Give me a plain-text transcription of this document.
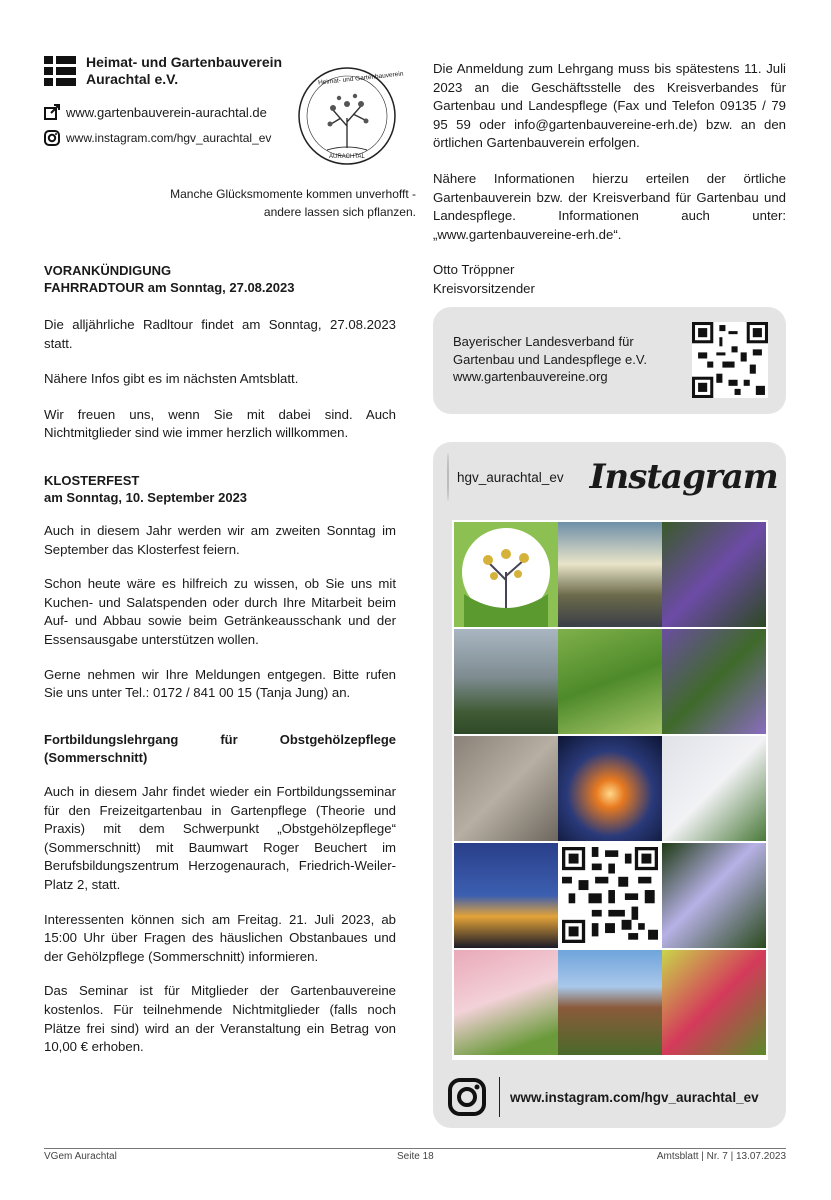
Heimat- und Gartenbauverein
Aurachtal e.V.
www.gartenbauverein-aurachtal.de
www.instagram.com/hgv_aurachtal_ev
Heimat- und Gartenbauverein
AURACHTAL
Manche Glücksmomente kommen unverhofft -
andere lassen sich pflanzen.
VORANKÜNDIGUNG
FAHRRADTOUR am Sonntag, 27.08.2023

Die alljährliche Radltour findet am Sonntag, 27.08.2023 statt.

Nähere Infos gibt es im nächsten Amtsblatt.

Wir freuen uns, wenn Sie mit dabei sind. Auch Nichtmitglieder sind wie immer herzlich willkommen.

KLOSTERFEST
am Sonntag, 10. September 2023

Auch in diesem Jahr werden wir am zweiten Sonntag im September das Klosterfest feiern.

Schon heute wäre es hilfreich zu wissen, ob Sie uns mit Kuchen- und Salatspenden oder durch Ihre Mitarbeit beim Auf- und Abbau sowie beim Getränkeausschank und der Essensausgabe unterstützen wollen.

Gerne nehmen wir Ihre Meldungen entgegen. Bitte rufen Sie uns unter Tel.: 0172 / 841 00 15 (Tanja Jung) an.

Fortbildungslehrgang für Obstgehölzepflege (Sommerschnitt)

Auch in diesem Jahr findet wieder ein Fortbildungsseminar für den Freizeitgartenbau in Gartenpflege (Theorie und Praxis) mit dem Schwerpunkt „Obstgehölzepflege“ (Sommerschnitt) mit Baumwart Roger Beuchert im Berufsbildungszentrum Herzogenaurach, Friedrich-Weiler-Platz 2, statt.

Interessenten können sich am Freitag. 21. Juli 2023, ab 15:00 Uhr über Fragen des häuslichen Obstanbaues und der Gehölzpflege (Sommerschnitt) informieren.

Das Seminar ist für Mitglieder der Gartenbauvereine kostenlos. Für teilnehmende Nichtmitglieder (falls noch Plätze frei sind) wird an der Veranstaltung ein Betrag von 10,00 € erhoben.

Die Anmeldung zum Lehrgang muss bis spätestens 11. Juli 2023 an die Geschäftsstelle des Kreisverbandes für Gartenbau und Landespflege (Fax und Telefon 09135 / 79 95 59 oder info@gartenbauvereine-erh.de) bzw. an den örtlichen Gartenbauverein erfolgen.

Nähere Informationen hierzu erteilen der örtliche Gartenbauverein bzw. der Kreisverband für Gartenbau und Landespflege. Informationen auch unter: „www.gartenbauvereine-erh.de“.

Otto Tröppner

Kreisvorsitzender

Bayerischer Landesverband für
Gartenbau und Landespflege e.V.
www.gartenbauvereine.org
hgv_aurachtal_ev Instagram
www.instagram.com/hgv_aurachtal_ev
VGem Aurachtal	Seite 18	Amtsblatt | Nr. 7 | 13.07.2023
